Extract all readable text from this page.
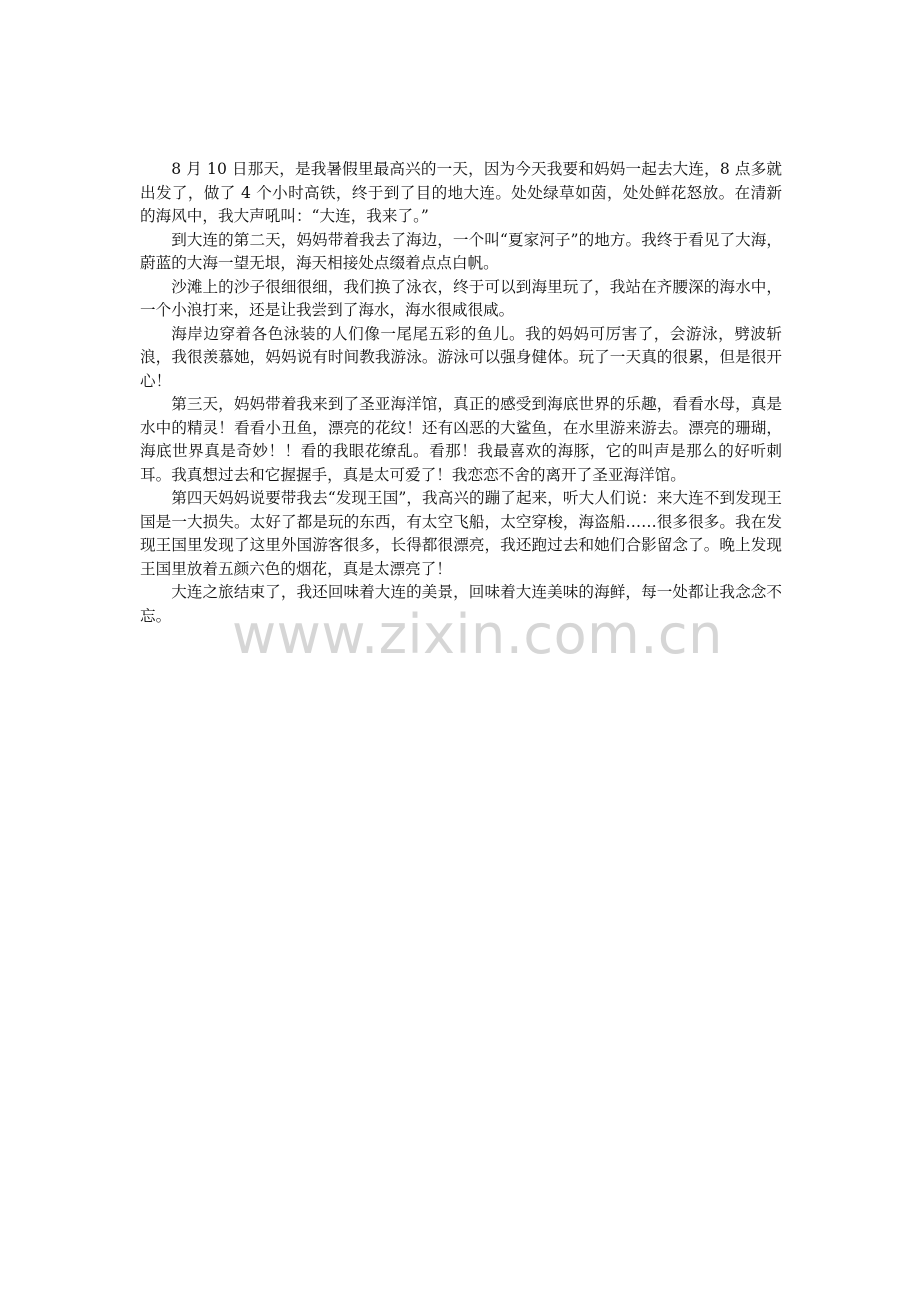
8 月 10 日那天，是我暑假里最高兴的一天，因为今天我要和妈妈一起去大连，8 点多就出发了，做了 4 个小时高铁，终于到了目的地大连。处处绿草如茵，处处鲜花怒放。在清新的海风中，我大声吼叫：“大连，我来了。”

到大连的第二天，妈妈带着我去了海边，一个叫“夏家河子”的地方。我终于看见了大海，蔚蓝的大海一望无垠，海天相接处点缀着点点白帆。

沙滩上的沙子很细很细，我们换了泳衣，终于可以到海里玩了，我站在齐腰深的海水中，一个小浪打来，还是让我尝到了海水，海水很咸很咸。

海岸边穿着各色泳装的人们像一尾尾五彩的鱼儿。我的妈妈可厉害了，会游泳，劈波斩浪，我很羡慕她，妈妈说有时间教我游泳。游泳可以强身健体。玩了一天真的很累，但是很开心！

第三天，妈妈带着我来到了圣亚海洋馆，真正的感受到海底世界的乐趣，看看水母，真是水中的精灵！看看小丑鱼，漂亮的花纹！还有凶恶的大鲨鱼，在水里游来游去。漂亮的珊瑚，海底世界真是奇妙！！看的我眼花缭乱。看那！我最喜欢的海豚，它的叫声是那么的好听刺耳。我真想过去和它握握手，真是太可爱了！我恋恋不舍的离开了圣亚海洋馆。

第四天妈妈说要带我去“发现王国”，我高兴的蹦了起来，听大人们说：来大连不到发现王国是一大损失。太好了都是玩的东西，有太空飞船，太空穿梭，海盗船……很多很多。我在发现王国里发现了这里外国游客很多，长得都很漂亮，我还跑过去和她们合影留念了。晚上发现王国里放着五颜六色的烟花，真是太漂亮了！

大连之旅结束了，我还回味着大连的美景，回味着大连美味的海鲜，每一处都让我念念不忘。	www.zixin.com.cn
